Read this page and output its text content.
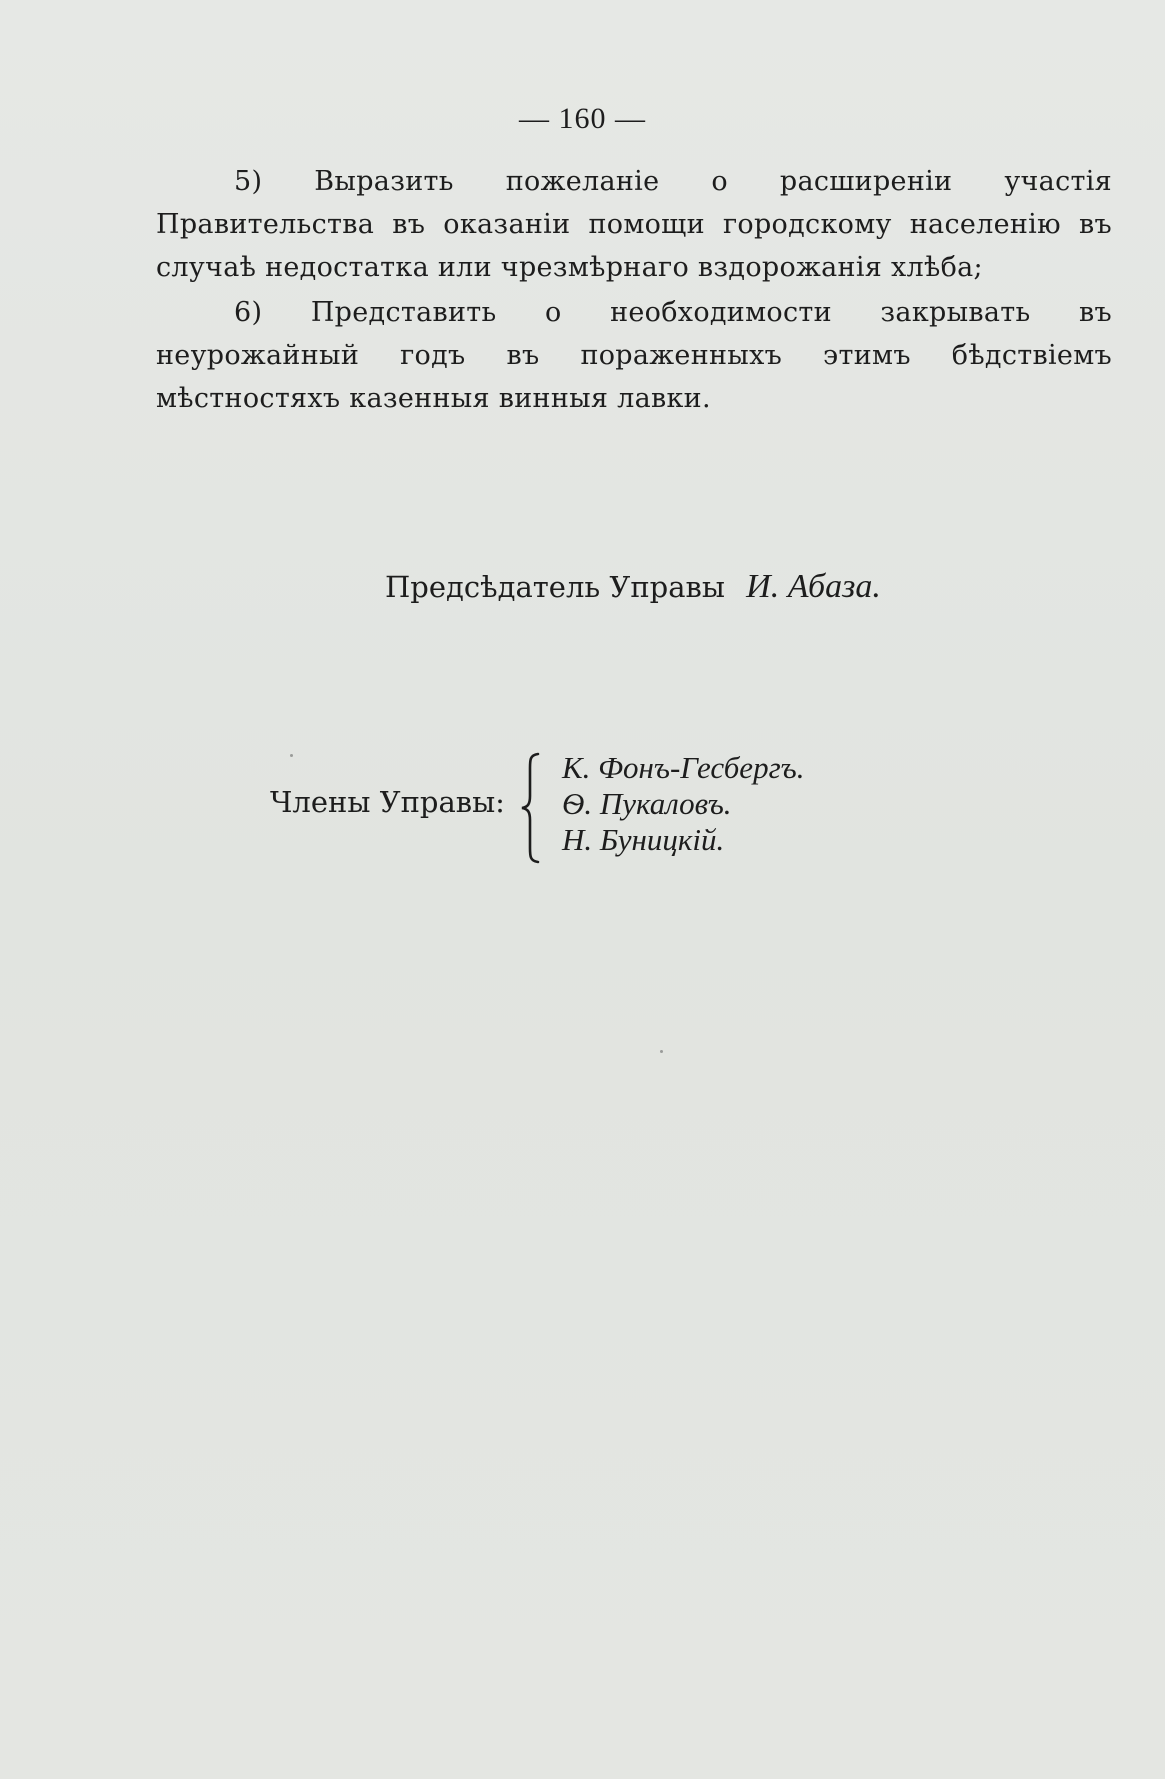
— 160 —
5) Выразить пожеланіе о расширеніи участія Правительства въ оказаніи помощи городскому населенію въ случаѣ недостатка или чрезмѣрнаго вздорожанія хлѣба;
6) Представить о необходимости закрывать въ неурожайный годъ въ пораженныхъ этимъ бѣдствіемъ мѣстностяхъ казенныя винныя лавки.
Предсѣдатель Управы И. Абаза.
Члены Управы:
К. Фонъ-Гесбергъ.
Ѳ. Пукаловъ.
Н. Буницкій.
